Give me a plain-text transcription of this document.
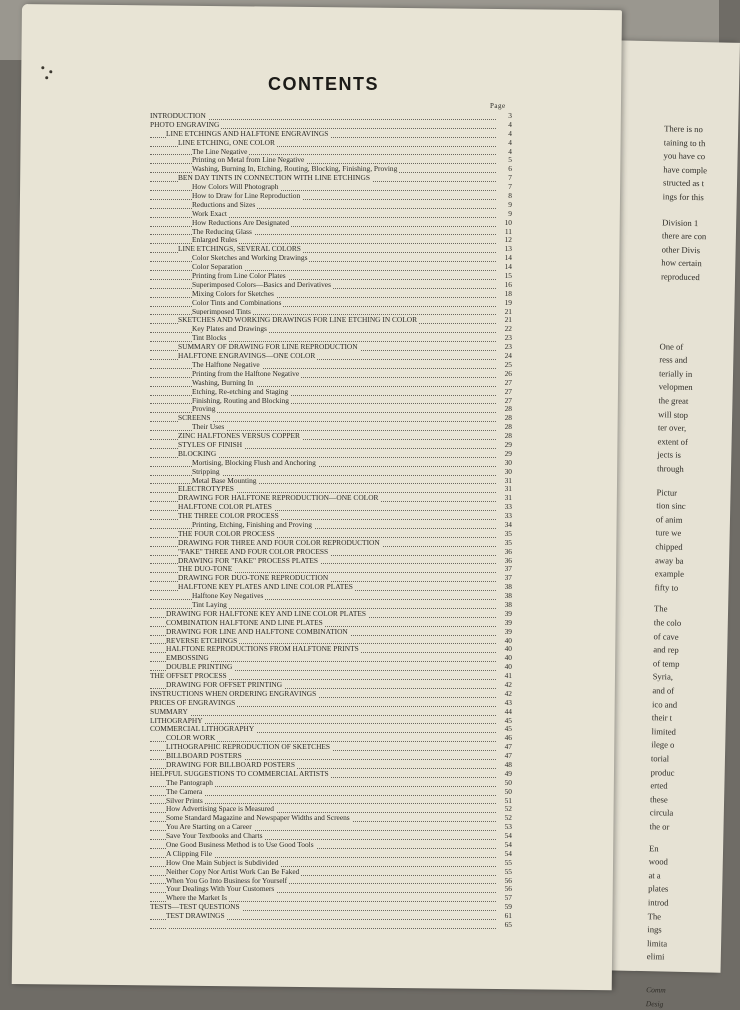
There is no
taining to th
you have co
have comple
structed as t
ings for this
Division 1
there are con
other Divis
how certain
reproduced
One of
ress and
terially in
velopmen
the great
will stop
ter over,
extent of
jects is
through
Pictur
tion sinc
of anim
ture we
chipped
away ba
example
fifty to
The
the colo
of cave
and rep
of temp
Syria,
and of
ico and
their t
limited
ilege o
torial
produc
erted
these
circula
the or
En
wood
at a
plates
introd
The
ings
limita
elimi
Comm
Desig
CONTENTS
Page
INTRODUCTION	3
PHOTO ENGRAVING	4
LINE ETCHINGS AND HALFTONE ENGRAVINGS	4
LINE ETCHING, ONE COLOR	4
The Line Negative	4
Printing on Metal from Line Negative	5
Washing, Burning In, Etching, Routing, Blocking, Finishing, Proving	6
BEN DAY TINTS IN CONNECTION WITH LINE ETCHINGS	7
How Colors Will Photograph	7
How to Draw for Line Reproduction	8
Reductions and Sizes	9
Work Exact	9
How Reductions Are Designated	10
The Reducing Glass	11
Enlarged Rules	12
LINE ETCHINGS, SEVERAL COLORS	13
Color Sketches and Working Drawings	14
Color Separation	14
Printing from Line Color Plates	15
Superimposed Colors—Basics and Derivatives	16
Mixing Colors for Sketches	18
Color Tints and Combinations	19
Superimposed Tints	21
SKETCHES AND WORKING DRAWINGS FOR LINE ETCHING IN COLOR	21
Key Plates and Drawings	22
Tint Blocks	23
SUMMARY OF DRAWING FOR LINE REPRODUCTION	23
HALFTONE ENGRAVINGS—ONE COLOR	24
The Halftone Negative	25
Printing from the Halftone Negative	26
Washing, Burning In	27
Etching, Re-etching and Staging	27
Finishing, Routing and Blocking	27
Proving	28
SCREENS	28
Their Uses	28
ZINC HALFTONES VERSUS COPPER	28
STYLES OF FINISH	29
BLOCKING	29
Mortising, Blocking Flush and Anchoring	30
Stripping	30
Metal Base Mounting	31
ELECTROTYPES	31
DRAWING FOR HALFTONE REPRODUCTION—ONE COLOR	31
HALFTONE COLOR PLATES	33
THE THREE COLOR PROCESS	33
Printing, Etching, Finishing and Proving	34
THE FOUR COLOR PROCESS	35
DRAWING FOR THREE AND FOUR COLOR REPRODUCTION	35
"FAKE" THREE AND FOUR COLOR PROCESS	36
DRAWING FOR "FAKE" PROCESS PLATES	36
THE DUO-TONE	37
DRAWING FOR DUO-TONE REPRODUCTION	37
HALFTONE KEY PLATES AND LINE COLOR PLATES	38
Halftone Key Negatives	38
Tint Laying	38
DRAWING FOR HALFTONE KEY AND LINE COLOR PLATES	39
COMBINATION HALFTONE AND LINE PLATES	39
DRAWING FOR LINE AND HALFTONE COMBINATION	39
REVERSE ETCHINGS	40
HALFTONE REPRODUCTIONS FROM HALFTONE PRINTS	40
EMBOSSING	40
DOUBLE PRINTING	40
THE OFFSET PROCESS	41
DRAWING FOR OFFSET PRINTING	42
INSTRUCTIONS WHEN ORDERING ENGRAVINGS	42
PRICES OF ENGRAVINGS	43
SUMMARY	44
LITHOGRAPHY	45
COMMERCIAL LITHOGRAPHY	45
COLOR WORK	46
LITHOGRAPHIC REPRODUCTION OF SKETCHES	47
BILLBOARD POSTERS	47
DRAWING FOR BILLBOARD POSTERS	48
HELPFUL SUGGESTIONS TO COMMERCIAL ARTISTS	49
The Pantograph	50
The Camera	50
Silver Prints	51
How Advertising Space is Measured	52
Some Standard Magazine and Newspaper Widths and Screens	52
You Are Starting on a Career	53
Save Your Textbooks and Charts	54
One Good Business Method is to Use Good Tools	54
A Clipping File	54
How One Main Subject is Subdivided	55
Neither Copy Nor Artist Work Can Be Faked	55
When You Go Into Business for Yourself	56
Your Dealings With Your Customers	56
Where the Market Is	57
TESTS—TEST QUESTIONS	59
TEST DRAWINGS	61
65
